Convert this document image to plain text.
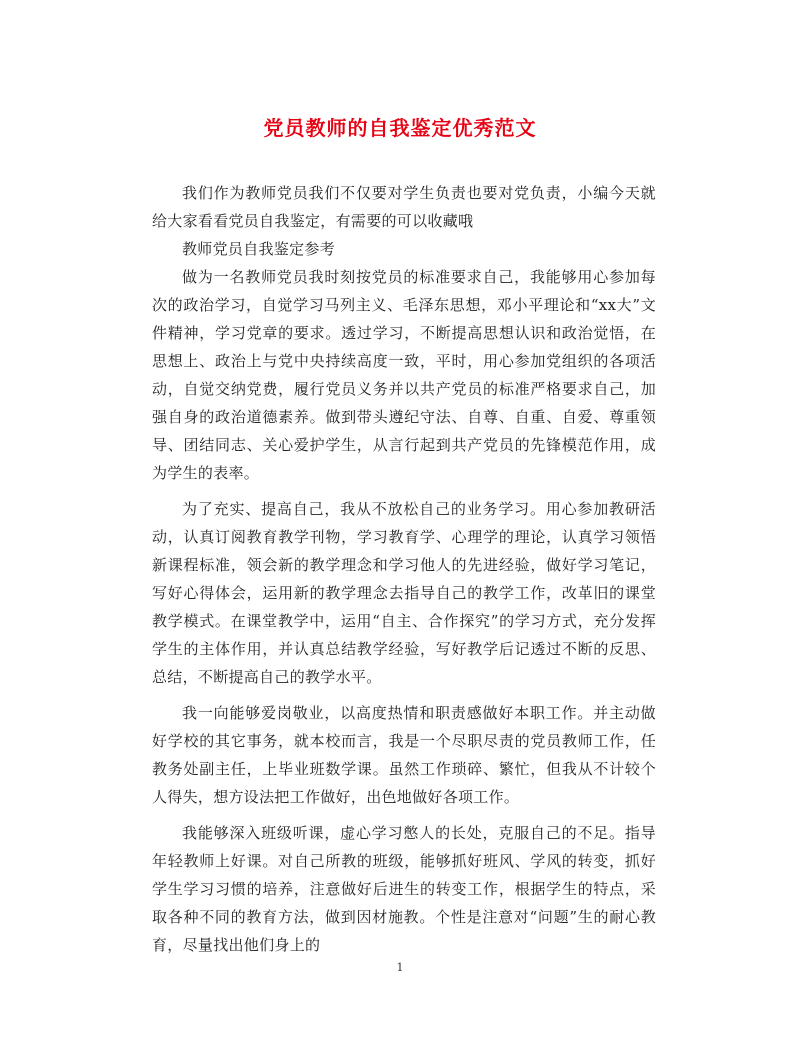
党员教师的自我鉴定优秀范文

我们作为教师党员我们不仅要对学生负责也要对党负责，小编今天就给大家看看党员自我鉴定，有需要的可以收藏哦

教师党员自我鉴定参考

做为一名教师党员我时刻按党员的标准要求自己，我能够用心参加每次的政治学习，自觉学习马列主义、毛泽东思想，邓小平理论和“xx大”文件精神，学习党章的要求。透过学习，不断提高思想认识和政治觉悟，在思想上、政治上与党中央持续高度一致，平时，用心参加党组织的各项活动，自觉交纳党费，履行党员义务并以共产党员的标准严格要求自己，加强自身的政治道德素养。做到带头遵纪守法、自尊、自重、自爱、尊重领导、团结同志、关心爱护学生，从言行起到共产党员的先锋模范作用，成为学生的表率。

为了充实、提高自己，我从不放松自己的业务学习。用心参加教研活动，认真订阅教育教学刊物，学习教育学、心理学的理论，认真学习领悟新课程标准，领会新的教学理念和学习他人的先进经验，做好学习笔记，写好心得体会，运用新的教学理念去指导自己的教学工作，改革旧的课堂教学模式。在课堂教学中，运用“自主、合作探究”的学习方式，充分发挥学生的主体作用，并认真总结教学经验，写好教学后记透过不断的反思、总结，不断提高自己的教学水平。

我一向能够爱岗敬业，以高度热情和职责感做好本职工作。并主动做好学校的其它事务，就本校而言，我是一个尽职尽责的党员教师工作，任教务处副主任，上毕业班数学课。虽然工作琐碎、繁忙，但我从不计较个人得失，想方设法把工作做好，出色地做好各项工作。

我能够深入班级听课，虚心学习憋人的长处，克服自己的不足。指导年轻教师上好课。对自己所教的班级，能够抓好班风、学风的转变，抓好学生学习习惯的培养，注意做好后进生的转变工作，根据学生的特点，采取各种不同的教育方法，做到因材施教。个性是注意对“问题”生的耐心教育，尽量找出他们身上的

1
